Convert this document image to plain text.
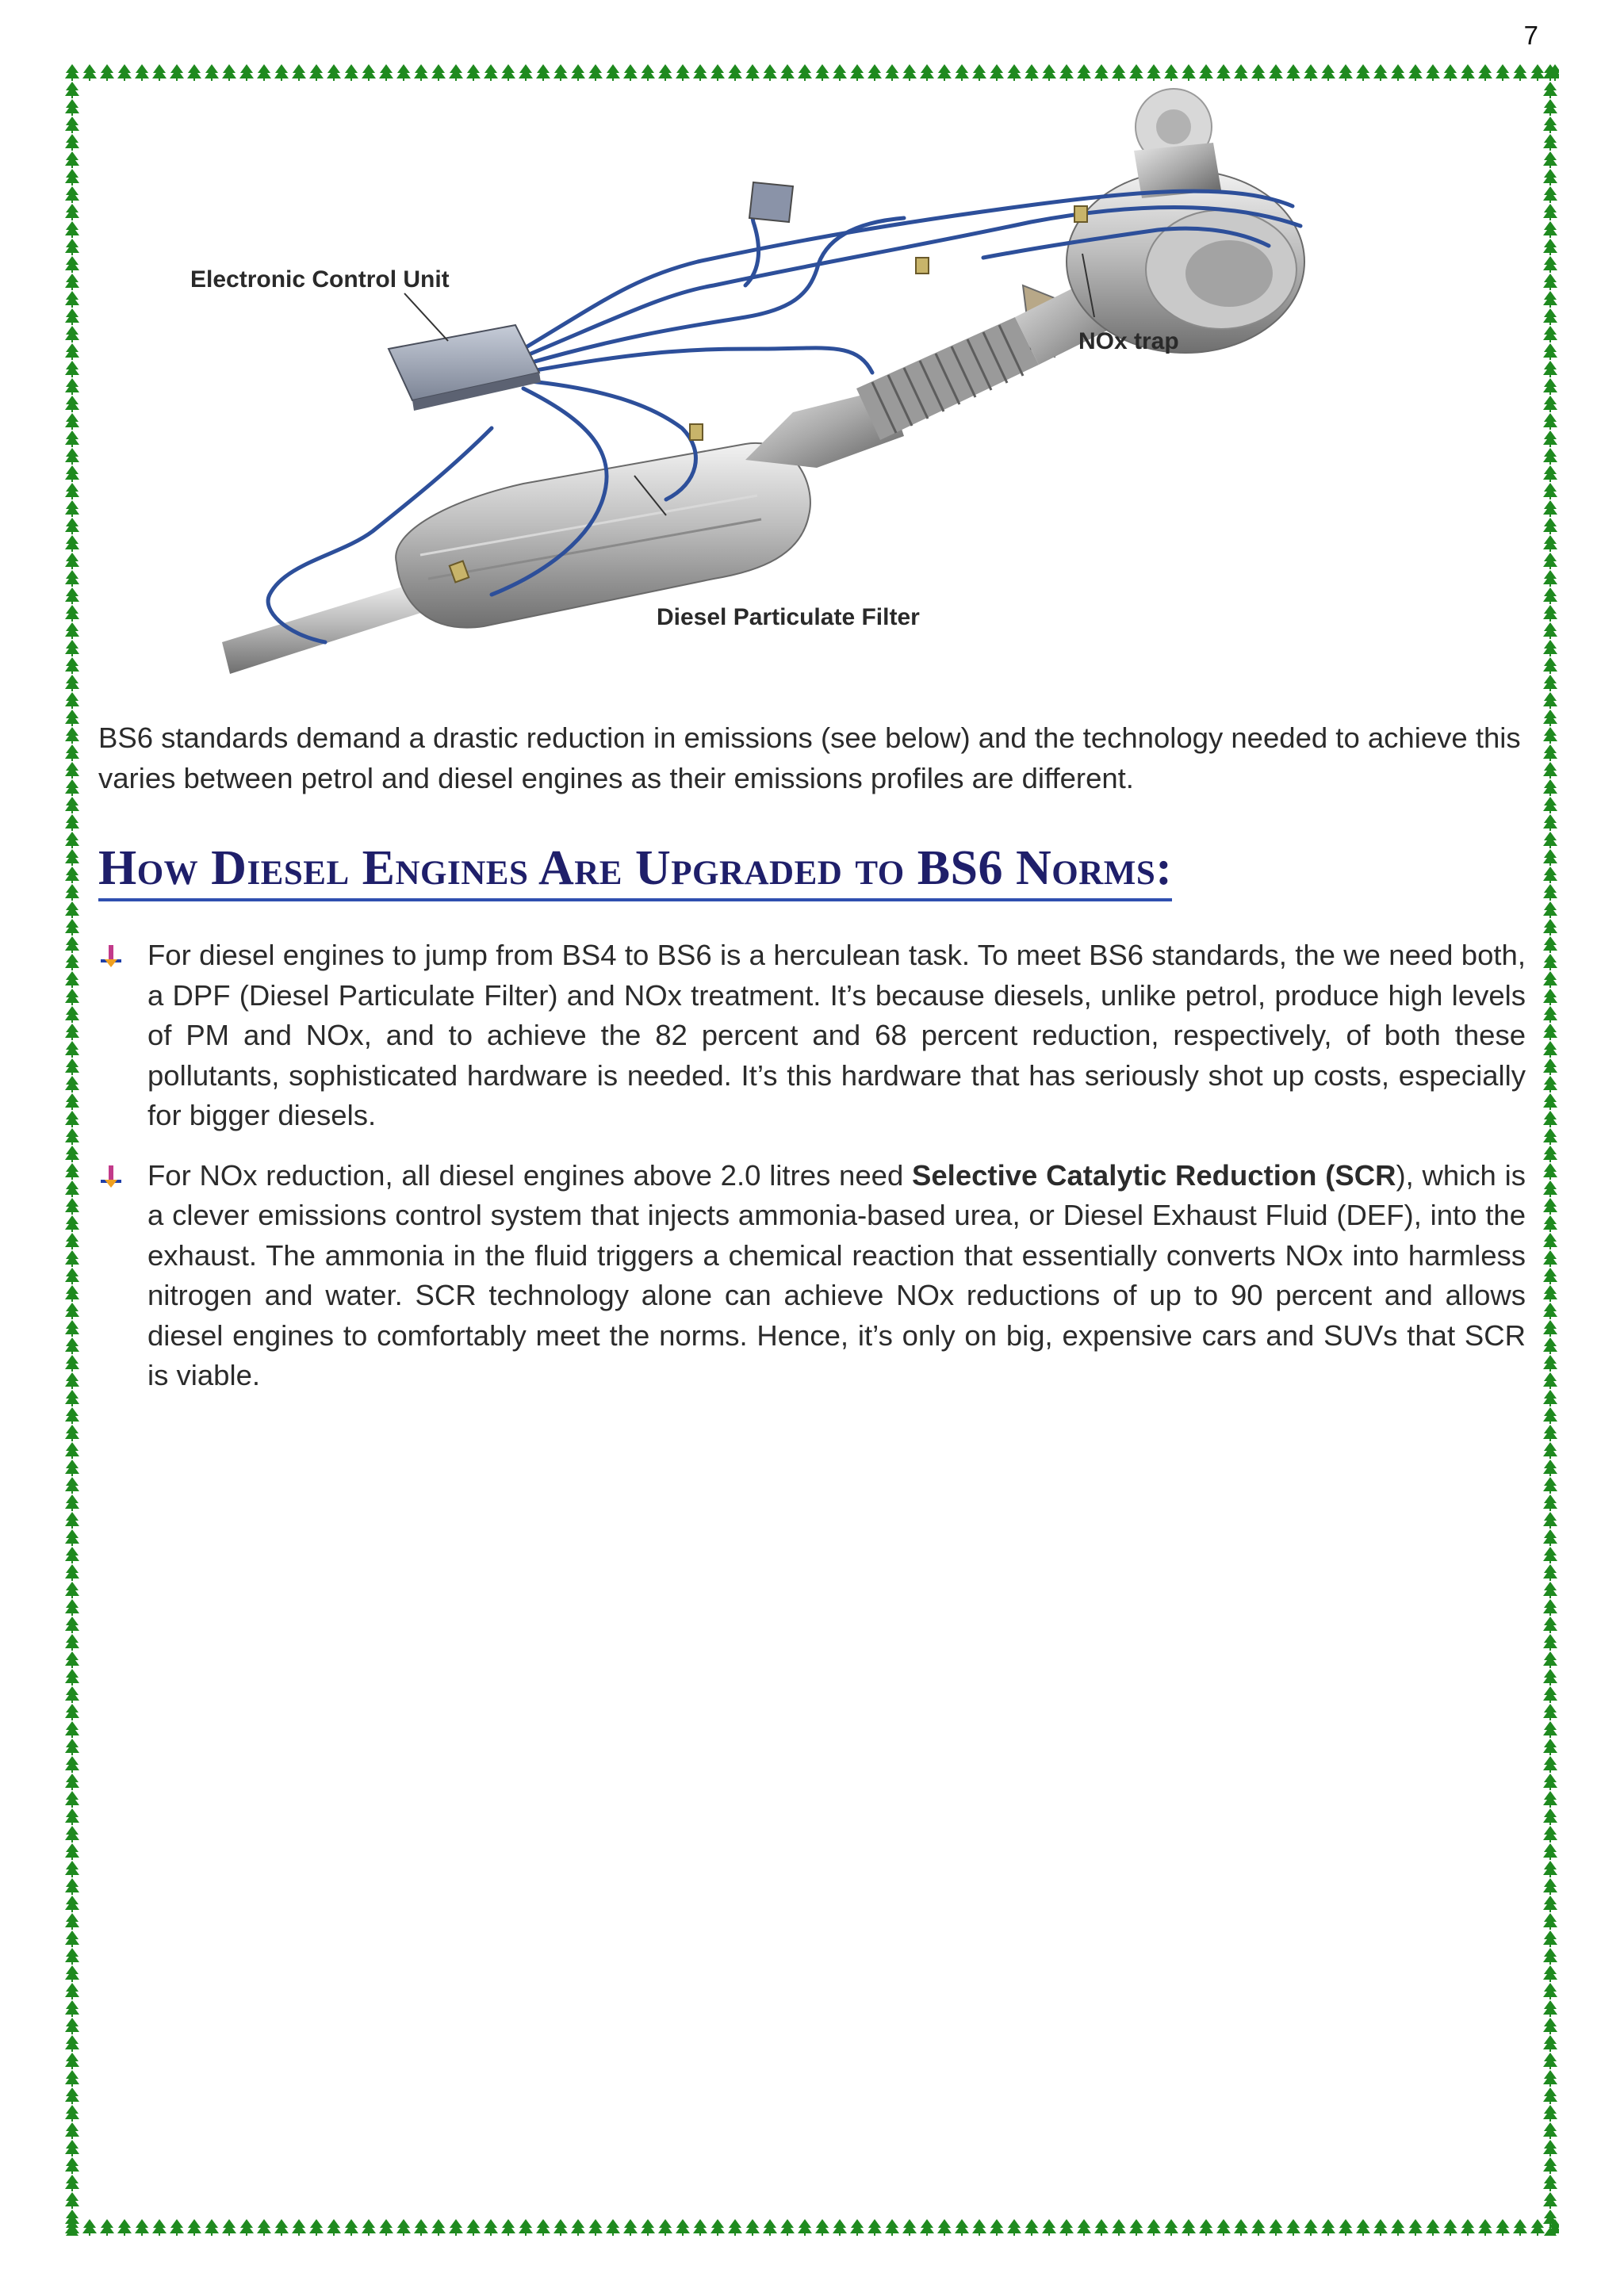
7
Electronic Control Unit
NOx trap
Diesel Particulate Filter

BS6 standards demand a drastic reduction in emissions (see below) and the technology needed to achieve this varies between petrol and diesel engines as their emissions profiles are different.

How Diesel Engines Are Upgraded to BS6 Norms:
For diesel engines to jump from BS4 to BS6 is a herculean task. To meet BS6 standards, the we need both, a DPF (Diesel Particulate Filter) and NOx treatment. It’s because diesels, unlike petrol, produce high levels of PM and NOx, and to achieve the 82 percent and 68 percent reduction, respectively, of both these pollutants, sophisticated hardware is needed. It’s this hardware that has seriously shot up costs, especially for bigger diesels.
For NOx reduction, all diesel engines above 2.0 litres need Selective Catalytic Reduction (SCR), which is a clever emissions control system that injects ammonia-based urea, or Diesel Exhaust Fluid (DEF), into the exhaust. The ammonia in the fluid triggers a chemical reaction that essentially converts NOx into harmless nitrogen and water. SCR technology alone can achieve NOx reductions of up to 90 percent and allows diesel engines to comfortably meet the norms. Hence, it’s only on big, expensive cars and SUVs that SCR is viable.
